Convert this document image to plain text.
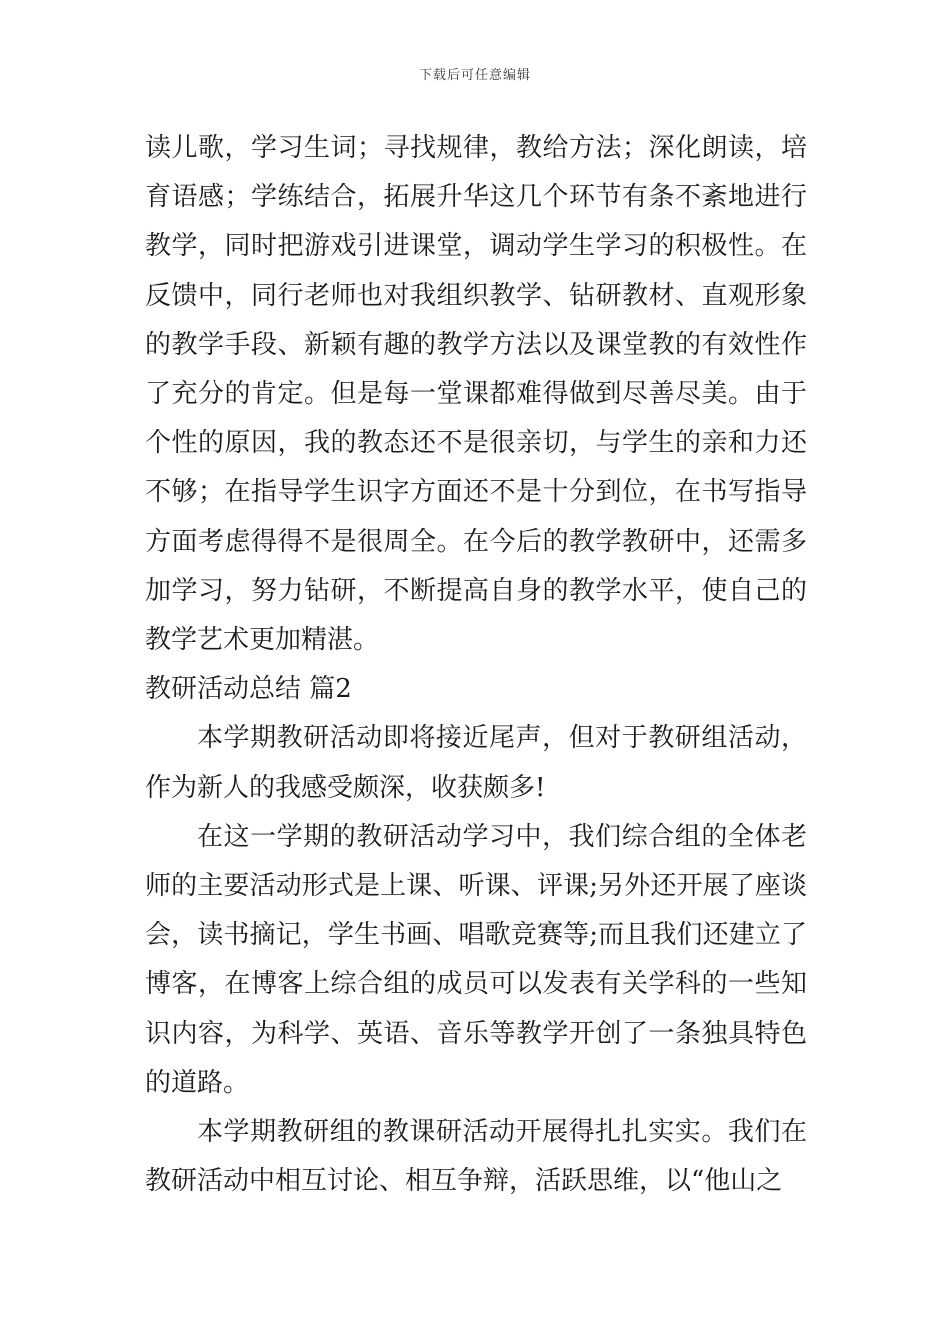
下载后可任意编辑

读儿歌，学习生词；寻找规律，教给方法；深化朗读，培育语感；学练结合，拓展升华这几个环节有条不紊地进行教学，同时把游戏引进课堂，调动学生学习的积极性。在反馈中，同行老师也对我组织教学、钻研教材、直观形象的教学手段、新颖有趣的教学方法以及课堂教的有效性作了充分的肯定。但是每一堂课都难得做到尽善尽美。由于个性的原因，我的教态还不是很亲切，与学生的亲和力还不够；在指导学生识字方面还不是十分到位，在书写指导方面考虑得得不是很周全。在今后的教学教研中，还需多加学习，努力钻研，不断提高自身的教学水平，使自己的教学艺术更加精湛。

教研活动总结 篇2

本学期教研活动即将接近尾声，但对于教研组活动，作为新人的我感受颇深，收获颇多!

在这一学期的教研活动学习中，我们综合组的全体老师的主要活动形式是上课、听课、评课;另外还开展了座谈会，读书摘记，学生书画、唱歌竞赛等;而且我们还建立了博客，在博客上综合组的成员可以发表有关学科的一些知识内容，为科学、英语、音乐等教学开创了一条独具特色的道路。

本学期教研组的教课研活动开展得扎扎实实。我们在教研活动中相互讨论、相互争辩，活跃思维，以“他山之
